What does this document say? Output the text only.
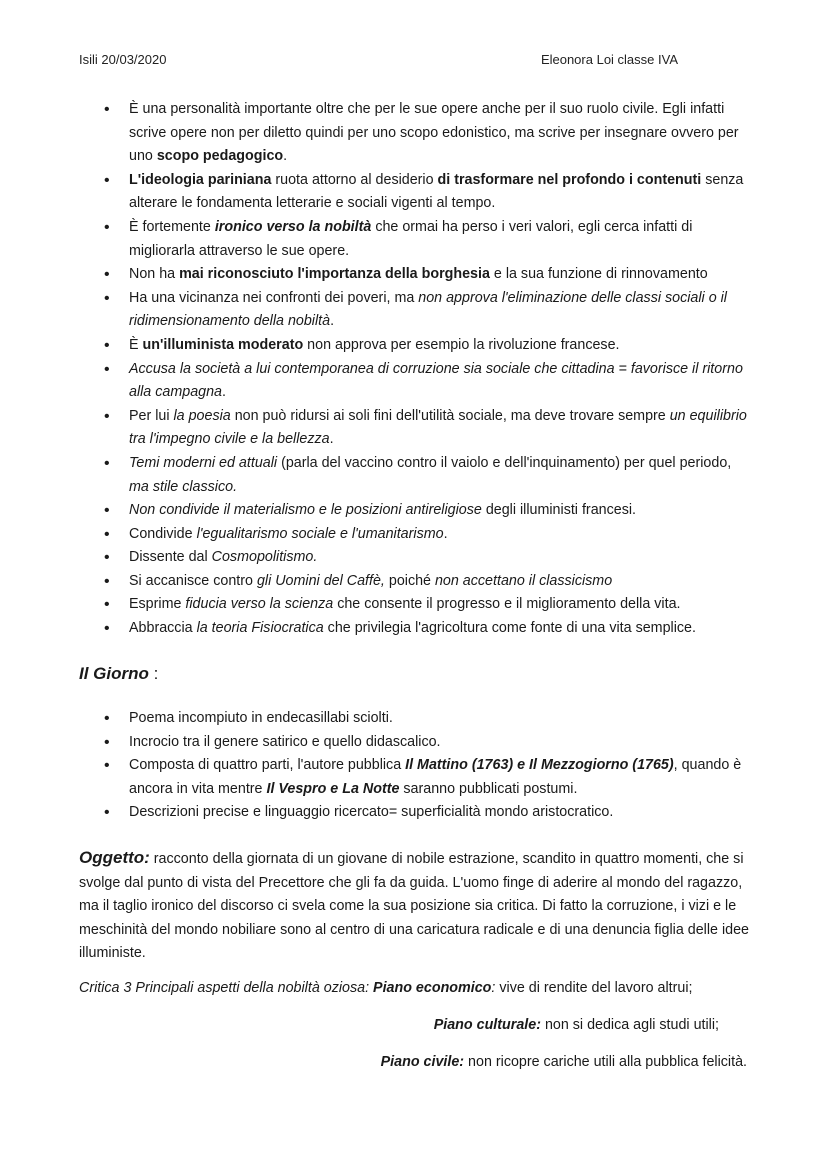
Isili 20/03/2020	Eleonora Loi classe IVA
• È una personalità importante oltre che per le sue opere anche per il suo ruolo civile. Egli infatti scrive opere non per diletto quindi per uno scopo edonistico, ma scrive per insegnare ovvero per uno scopo pedagogico.
• L'ideologia pariniana ruota attorno al desiderio di trasformare nel profondo i contenuti senza alterare le fondamenta letterarie e sociali vigenti al tempo.
• È fortemente ironico verso la nobiltà che ormai ha perso i veri valori, egli cerca infatti di migliorarla attraverso le sue opere.
• Non ha mai riconosciuto l'importanza della borghesia e la sua funzione di rinnovamento
• Ha una vicinanza nei confronti dei poveri, ma non approva l'eliminazione delle classi sociali o il ridimensionamento della nobiltà.
• È un'illuminista moderato non approva per esempio la rivoluzione francese.
• Accusa la società a lui contemporanea di corruzione sia sociale che cittadina = favorisce il ritorno alla campagna.
• Per lui la poesia non può ridursi ai soli fini dell'utilità sociale, ma deve trovare sempre un equilibrio tra l'impegno civile e la bellezza.
• Temi moderni ed attuali (parla del vaccino contro il vaiolo e dell'inquinamento) per quel periodo, ma stile classico.
• Non condivide il materialismo e le posizioni antireligiose degli illuministi francesi.
• Condivide l'egualitarismo sociale e l'umanitarismo.
• Dissente dal Cosmopolitismo.
• Si accanisce contro gli Uomini del Caffè, poiché non accettano il classicismo
• Esprime fiducia verso la scienza che consente il progresso e il miglioramento della vita.
• Abbraccia la teoria Fisiocratica che privilegia l'agricoltura come fonte di una vita semplice.
Il Giorno :
• Poema incompiuto in endecasillabi sciolti.
• Incrocio tra il genere satirico e quello didascalico.
• Composta di quattro parti, l'autore pubblica Il Mattino (1763) e Il Mezzogiorno (1765), quando è ancora in vita mentre Il Vespro e La Notte saranno pubblicati postumi.
• Descrizioni precise e linguaggio ricercato= superficialità mondo aristocratico.
Oggetto: racconto della giornata di un giovane di nobile estrazione, scandito in quattro momenti, che si svolge dal punto di vista del Precettore che gli fa da guida. L'uomo finge di aderire al mondo del ragazzo, ma il taglio ironico del discorso ci svela come la sua posizione sia critica. Di fatto la corruzione, i vizi e le meschinità del mondo nobiliare sono al centro di una caricatura radicale e di una denuncia figlia delle idee illuministe.
Critica 3 Principali aspetti della nobiltà oziosa: Piano economico: vive di rendite del lavoro altrui;
Piano culturale: non si dedica agli studi utili;
Piano civile: non ricopre cariche utili alla pubblica felicità.
